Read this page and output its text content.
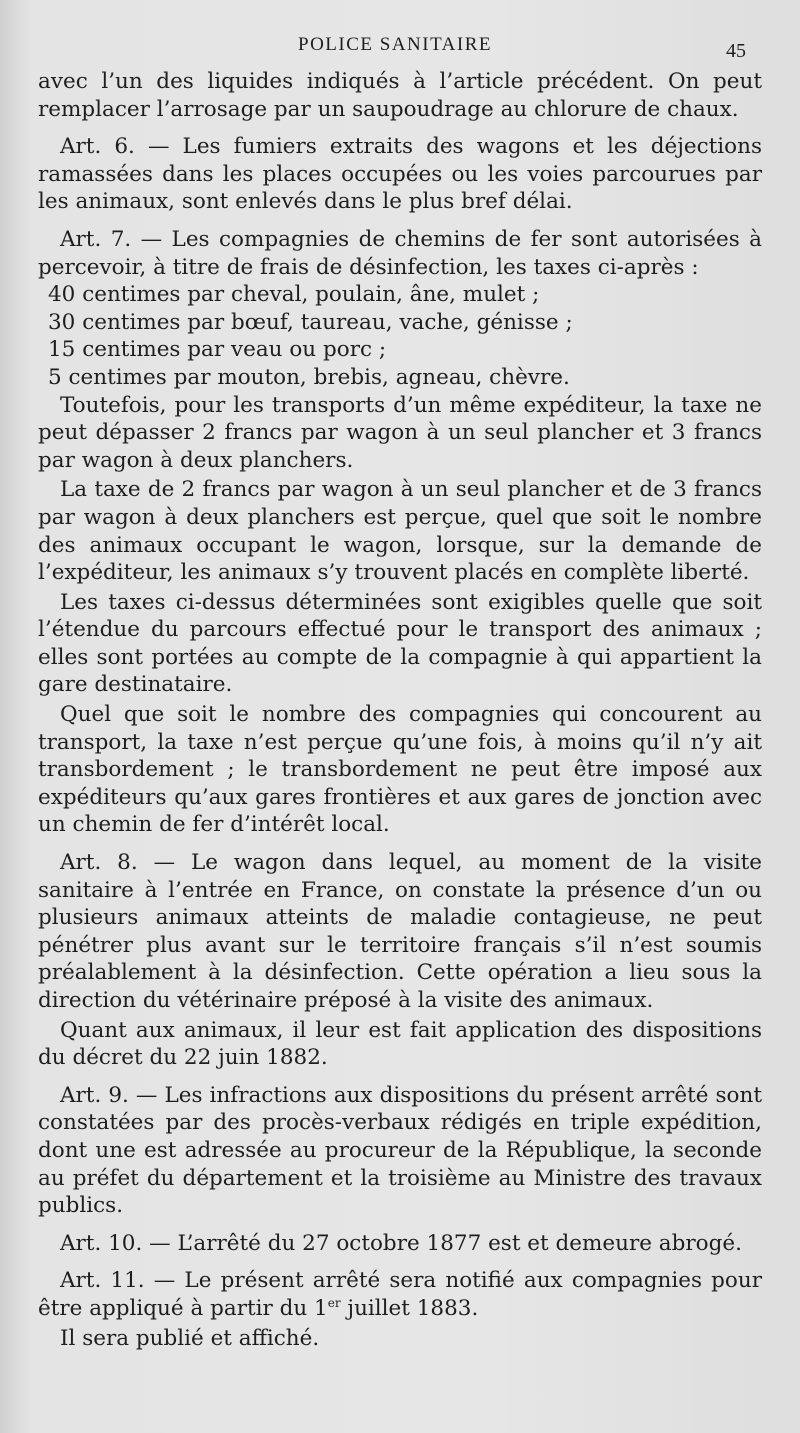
POLICE SANITAIRE	45

avec l’un des liquides indiqués à l’article précédent. On peut remplacer l’arrosage par un saupoudrage au chlorure de chaux.

Art. 6. — Les fumiers extraits des wagons et les déjections ramassées dans les places occupées ou les voies parcourues par les animaux, sont enlevés dans le plus bref délai.

Art. 7. — Les compagnies de chemins de fer sont autorisées à percevoir, à titre de frais de désinfection, les taxes ci-après :

40 centimes par cheval, poulain, âne, mulet ;

30 centimes par bœuf, taureau, vache, génisse ;

15 centimes par veau ou porc ;

5 centimes par mouton, brebis, agneau, chèvre.

Toutefois, pour les transports d’un même expéditeur, la taxe ne peut dépasser 2 francs par wagon à un seul plancher et 3 francs par wagon à deux planchers.

La taxe de 2 francs par wagon à un seul plancher et de 3 francs par wagon à deux planchers est perçue, quel que soit le nombre des animaux occupant le wagon, lorsque, sur la demande de l’expéditeur, les animaux s’y trouvent placés en complète liberté.

Les taxes ci-dessus déterminées sont exigibles quelle que soit l’étendue du parcours effectué pour le transport des animaux ; elles sont portées au compte de la compagnie à qui appartient la gare destinataire.

Quel que soit le nombre des compagnies qui concourent au transport, la taxe n’est perçue qu’une fois, à moins qu’il n’y ait transbordement ; le transbordement ne peut être imposé aux expéditeurs qu’aux gares frontières et aux gares de jonction avec un chemin de fer d’intérêt local.

Art. 8. — Le wagon dans lequel, au moment de la visite sanitaire à l’entrée en France, on constate la présence d’un ou plusieurs animaux atteints de maladie contagieuse, ne peut pénétrer plus avant sur le territoire français s’il n’est soumis préalablement à la désinfection. Cette opération a lieu sous la direction du vétérinaire préposé à la visite des animaux.

Quant aux animaux, il leur est fait application des dispositions du décret du 22 juin 1882.

Art. 9. — Les infractions aux dispositions du présent arrêté sont constatées par des procès-verbaux rédigés en triple expédition, dont une est adressée au procureur de la République, la seconde au préfet du département et la troisième au Ministre des travaux publics.

Art. 10. — L’arrêté du 27 octobre 1877 est et demeure abrogé.

Art. 11. — Le présent arrêté sera notifié aux compagnies pour être appliqué à partir du 1er juillet 1883.

Il sera publié et affiché.
